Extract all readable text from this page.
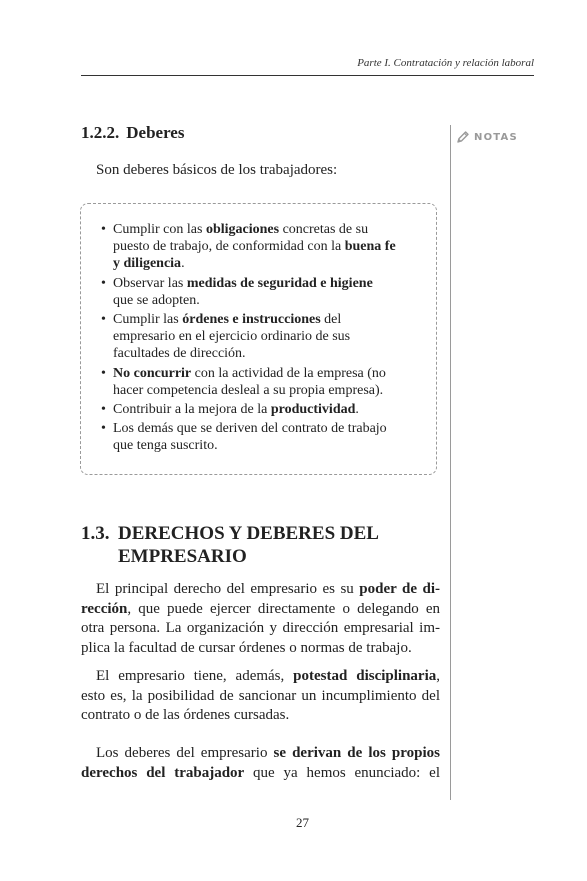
Parte I. Contratación y relación laboral
NOTAS
1.2.2. Deberes
Son deberes básicos de los trabajadores:
• Cumplir con las obligaciones concretas de su
puesto de trabajo, de conformidad con la buena fe
y diligencia.
• Observar las medidas de seguridad e higiene
que se adopten.
• Cumplir las órdenes e instrucciones del
empresario en el ejercicio ordinario de sus
facultades de dirección.
• No concurrir con la actividad de la empresa (no
hacer competencia desleal a su propia empresa).
• Contribuir a la mejora de la productividad.
• Los demás que se deriven del contrato de trabajo
que tenga suscrito.
1.3. DERECHOS Y DEBERES DEL
EMPRESARIO
El principal derecho del empresario es su poder de di-
rección, que puede ejercer directamente o delegando en
otra persona. La organización y dirección empresarial im-
plica la facultad de cursar órdenes o normas de trabajo.
El empresario tiene, además, potestad disciplinaria,
esto es, la posibilidad de sancionar un incumplimiento del
contrato o de las órdenes cursadas.
Los deberes del empresario se derivan de los propios
derechos del trabajador que ya hemos enunciado: el
27
